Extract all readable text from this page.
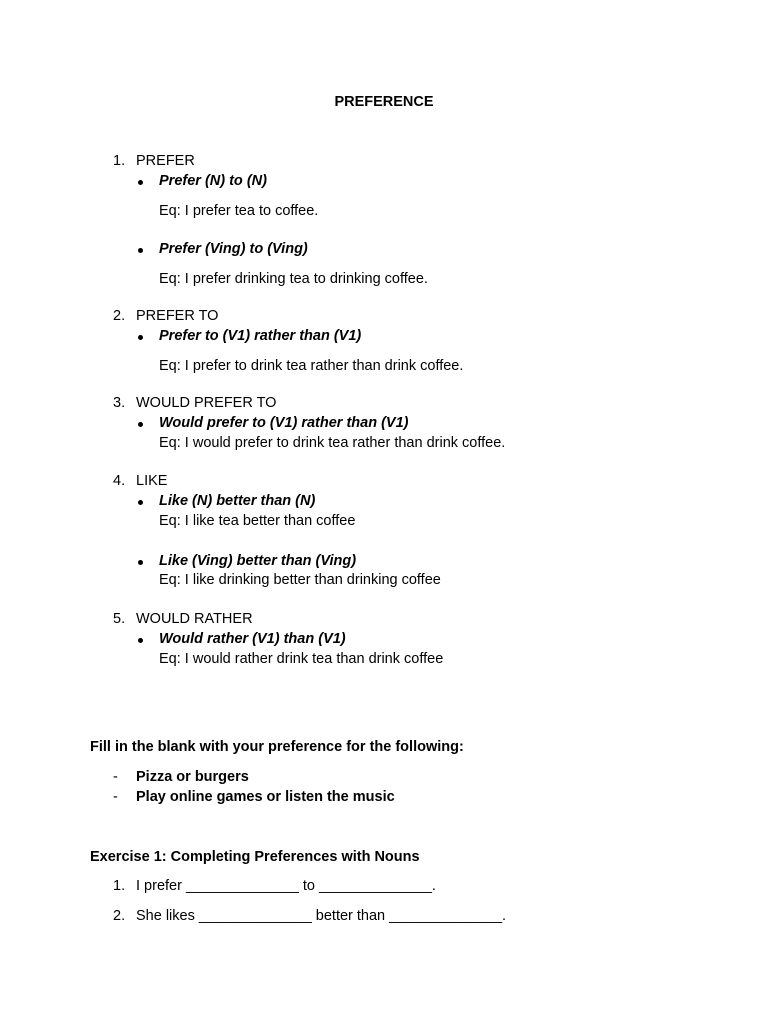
PREFERENCE
1. PREFER
Prefer (N) to (N)
Eq: I prefer tea to coffee.
Prefer (Ving) to (Ving)
Eq: I prefer drinking tea to drinking coffee.
2. PREFER TO
Prefer to (V1) rather than (V1)
Eq: I prefer to drink tea rather than drink coffee.
3. WOULD PREFER TO
Would prefer to (V1) rather than (V1)
Eq: I would prefer to drink tea rather than drink coffee.
4. LIKE
Like (N) better than (N)
Eq: I like tea better than coffee
Like (Ving) better than (Ving)
Eq: I like drinking better than drinking coffee
5. WOULD RATHER
Would rather (V1) than (V1)
Eq: I would rather drink tea than drink coffee
Fill in the blank with your preference for the following:
- Pizza or burgers
- Play online games or listen the music
Exercise 1: Completing Preferences with Nouns
1. I prefer ______________ to ______________.
2. She likes ______________ better than ______________.
